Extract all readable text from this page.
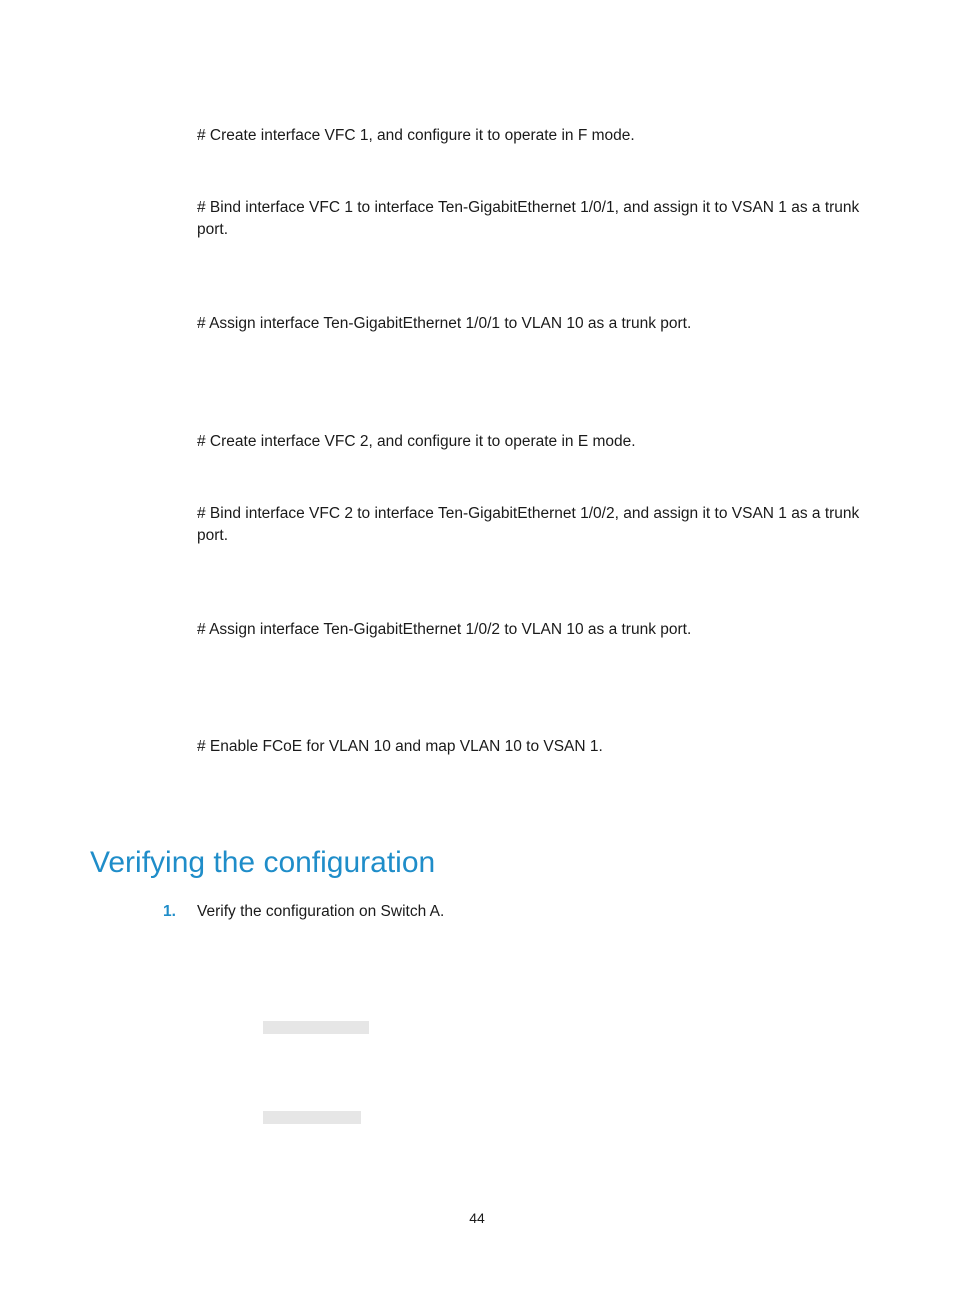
# Create interface VFC 1, and configure it to operate in F mode.

# Bind interface VFC 1 to interface Ten-GigabitEthernet 1/0/1, and assign it to VSAN 1 as a trunk port.

# Assign interface Ten-GigabitEthernet 1/0/1 to VLAN 10 as a trunk port.

# Create interface VFC 2, and configure it to operate in E mode.

# Bind interface VFC 2 to interface Ten-GigabitEthernet 1/0/2, and assign it to VSAN 1 as a trunk port.

# Assign interface Ten-GigabitEthernet 1/0/2 to VLAN 10 as a trunk port.

# Enable FCoE for VLAN 10 and map VLAN 10 to VSAN 1.

Verifying the configuration
1.	Verify the configuration on Switch A.
44
